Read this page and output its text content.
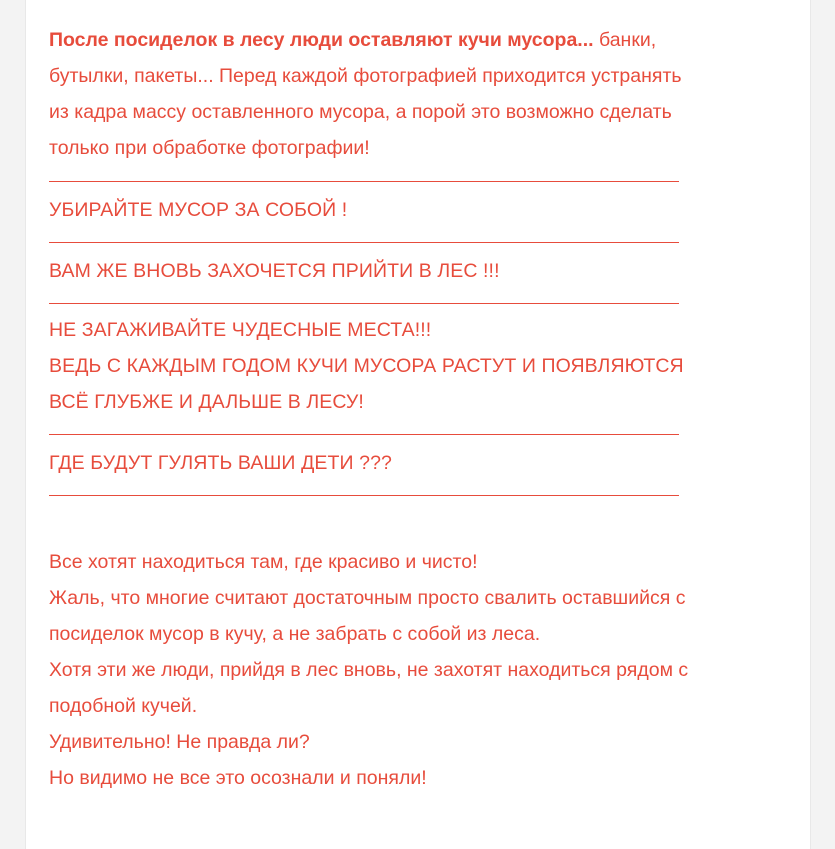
После посиделок в лесу люди оставляют кучи мусора... банки,
бутылки, пакеты... Перед каждой фотографией приходится устранять
из кадра массу оставленного мусора, а порой это возможно сделать
только при обработке фотографии!

УБИРАЙТЕ МУСОР ЗА СОБОЙ !

ВАМ ЖЕ ВНОВЬ ЗАХОЧЕТСЯ ПРИЙТИ В ЛЕС !!!

НЕ ЗАГАЖИВАЙТЕ ЧУДЕСНЫЕ МЕСТА!!!
ВЕДЬ С КАЖДЫМ ГОДОМ КУЧИ МУСОРА РАСТУТ И ПОЯВЛЯЮТСЯ
ВСЁ ГЛУБЖЕ И ДАЛЬШЕ В ЛЕСУ!

ГДЕ БУДУТ ГУЛЯТЬ ВАШИ ДЕТИ ???

Все хотят находиться там, где красиво и чисто!
Жаль, что многие считают достаточным просто свалить оставшийся с
посиделок мусор в кучу, а не забрать с собой из леса.
Хотя эти же люди, прийдя в лес вновь, не захотят находиться рядом с
подобной кучей.
Удивительно! Не правда ли?
Но видимо не все это осознали и поняли!
